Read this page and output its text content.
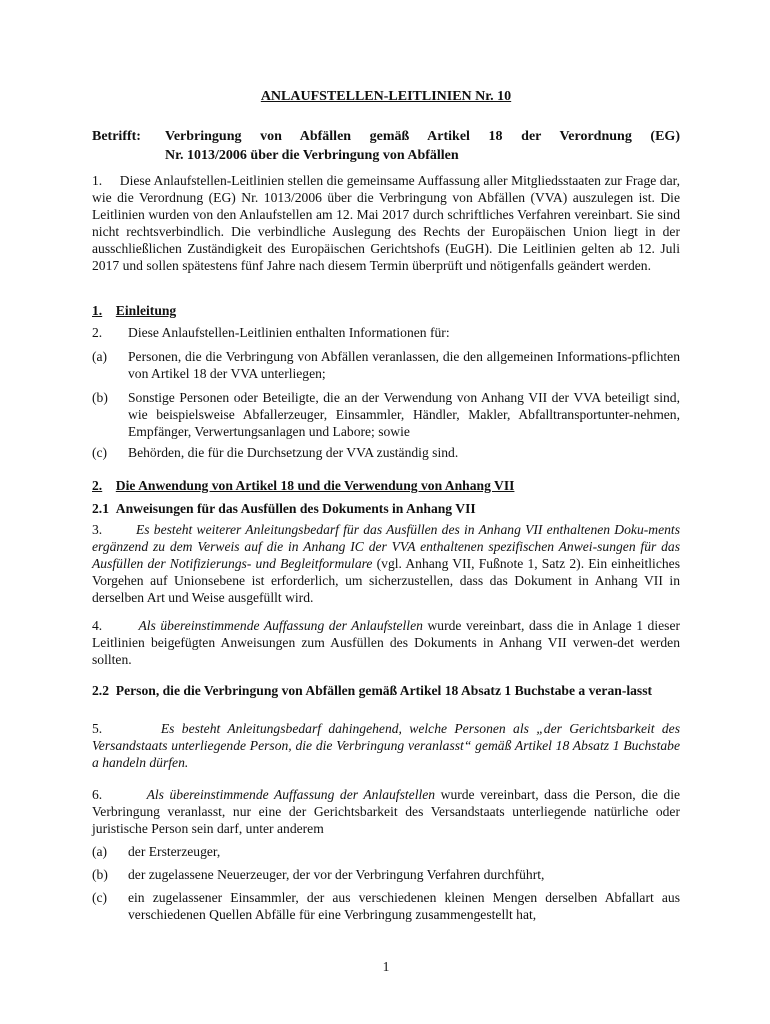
ANLAUFSTELLEN-LEITLINIEN Nr. 10
Betrifft: Verbringung von Abfällen gemäß Artikel 18 der Verordnung (EG)
Nr. 1013/2006 über die Verbringung von Abfällen
1. Diese Anlaufstellen-Leitlinien stellen die gemeinsame Auffassung aller Mitgliedsstaaten zur Frage dar, wie die Verordnung (EG) Nr. 1013/2006 über die Verbringung von Abfällen (VVA) auszulegen ist. Die Leitlinien wurden von den Anlaufstellen am 12. Mai 2017 durch schriftliches Verfahren vereinbart. Sie sind nicht rechtsverbindlich. Die verbindliche Auslegung des Rechts der Europäischen Union liegt in der ausschließlichen Zuständigkeit des Europäischen Gerichtshofs (EuGH). Die Leitlinien gelten ab 12. Juli 2017 und sollen spätestens fünf Jahre nach diesem Termin überprüft und nötigenfalls geändert werden.
1. Einleitung
2.	Diese Anlaufstellen-Leitlinien enthalten Informationen für:
(a)	Personen, die die Verbringung von Abfällen veranlassen, die den allgemeinen Informations-pflichten von Artikel 18 der VVA unterliegen;
(b)	Sonstige Personen oder Beteiligte, die an der Verwendung von Anhang VII der VVA beteiligt sind, wie beispielsweise Abfallerzeuger, Einsammler, Händler, Makler, Abfalltransportunter-nehmen, Empfänger, Verwertungsanlagen und Labore; sowie
(c)	Behörden, die für die Durchsetzung der VVA zuständig sind.
2. Die Anwendung von Artikel 18 und die Verwendung von Anhang VII
2.1 Anweisungen für das Ausfüllen des Dokuments in Anhang VII
3. Es besteht weiterer Anleitungsbedarf für das Ausfüllen des in Anhang VII enthaltenen Doku-ments ergänzend zu dem Verweis auf die in Anhang IC der VVA enthaltenen spezifischen Anwei-sungen für das Ausfüllen der Notifizierungs- und Begleitformulare (vgl. Anhang VII, Fußnote 1, Satz 2). Ein einheitliches Vorgehen auf Unionsebene ist erforderlich, um sicherzustellen, dass das Dokument in Anhang VII in derselben Art und Weise ausgefüllt wird.
4.	Als übereinstimmende Auffassung der Anlaufstellen wurde vereinbart, dass die in Anlage 1 dieser Leitlinien beigefügten Anweisungen zum Ausfüllen des Dokuments in Anhang VII verwen-det werden sollten.
2.2 Person, die die Verbringung von Abfällen gemäß Artikel 18 Absatz 1 Buchstabe a veran-lasst
5.	Es besteht Anleitungsbedarf dahingehend, welche Personen als „der Gerichtsbarkeit des Versandstaats unterliegende Person, die die Verbringung veranlasst“ gemäß Artikel 18 Absatz 1 Buchstabe a handeln dürfen.
6.	Als übereinstimmende Auffassung der Anlaufstellen wurde vereinbart, dass die Person, die die Verbringung veranlasst, nur eine der Gerichtsbarkeit des Versandstaats unterliegende natürliche oder juristische Person sein darf, unter anderem
(a)	der Ersterzeuger,
(b)	der zugelassene Neuerzeuger, der vor der Verbringung Verfahren durchführt,
(c)	ein zugelassener Einsammler, der aus verschiedenen kleinen Mengen derselben Abfallart aus verschiedenen Quellen Abfälle für eine Verbringung zusammengestellt hat,
1
